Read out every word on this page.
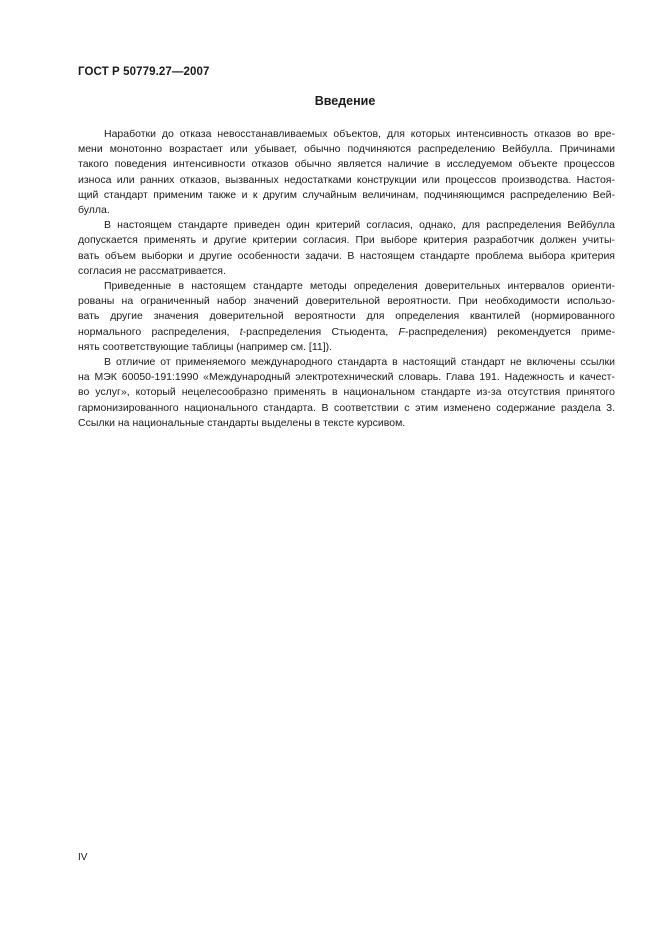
ГОСТ Р 50779.27—2007
Введение
Наработки до отказа невосстанавливаемых объектов, для которых интенсивность отказов во вре-
мени монотонно возрастает или убывает, обычно подчиняются распределению Вейбулла. Причинами
такого поведения интенсивности отказов обычно является наличие в исследуемом объекте процессов
износа или ранних отказов, вызванных недостатками конструкции или процессов производства. Настоя-
щий стандарт применим также и к другим случайным величинам, подчиняющимся распределению Вей-
булла.
В настоящем стандарте приведен один критерий согласия, однако, для распределения Вейбулла
допускается применять и другие критерии согласия. При выборе критерия разработчик должен учиты-
вать объем выборки и другие особенности задачи. В настоящем стандарте проблема выбора критерия
согласия не рассматривается.
Приведенные в настоящем стандарте методы определения доверительных интервалов ориенти-
рованы на ограниченный набор значений доверительной вероятности. При необходимости использо-
вать другие значения доверительной вероятности для определения квантилей (нормированного
нормального распределения, t-распределения Стьюдента, F-распределения) рекомендуется приме-
нять соответствующие таблицы (например см. [11]).
В отличие от применяемого международного стандарта в настоящий стандарт не включены ссылки
на МЭК 60050-191:1990 «Международный электротехнический словарь. Глава 191. Надежность и качест-
во услуг», который нецелесообразно применять в национальном стандарте из-за отсутствия принятого
гармонизированного национального стандарта. В соответствии с этим изменено содержание раздела 3.
Ссылки на национальные стандарты выделены в тексте курсивом.
IV
